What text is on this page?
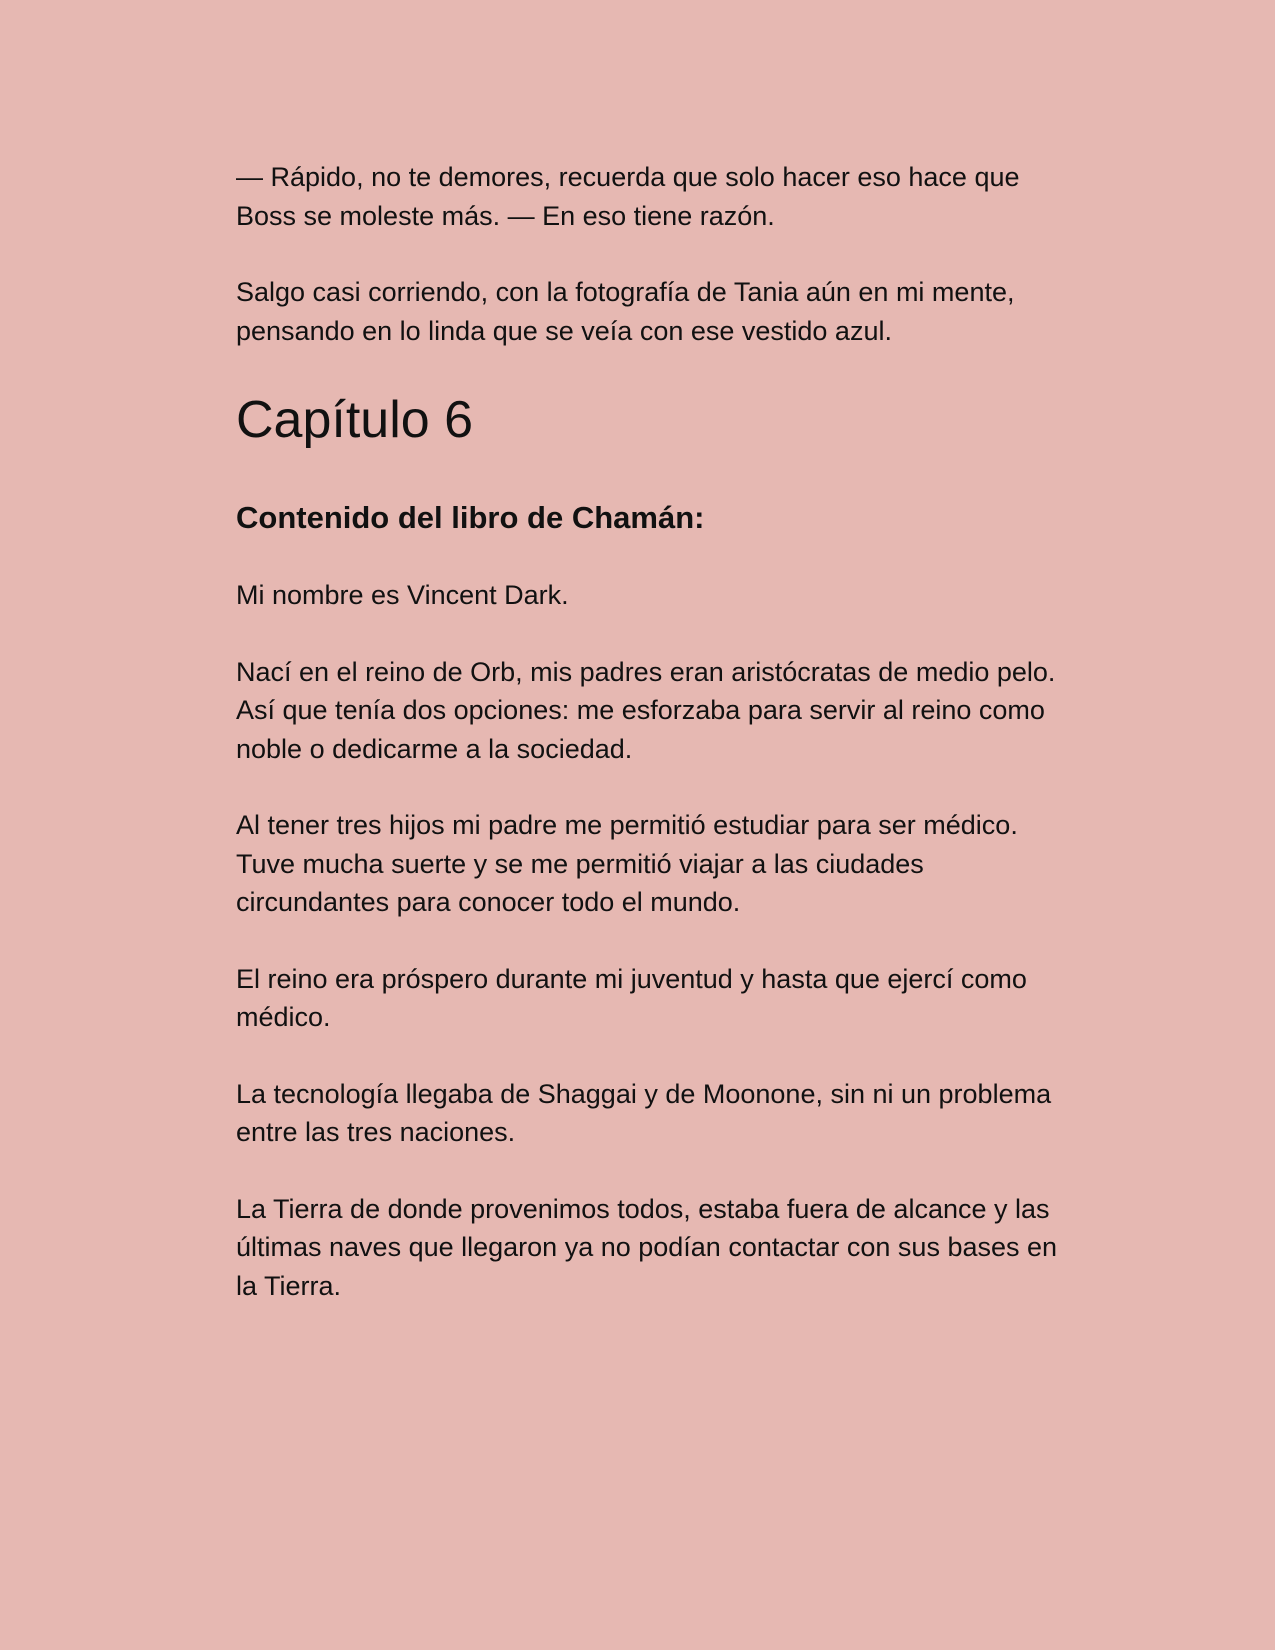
— Rápido, no te demores, recuerda que solo hacer eso hace que
Boss se moleste más. — En eso tiene razón.

Salgo casi corriendo, con la fotografía de Tania aún en mi mente,
pensando en lo linda que se veía con ese vestido azul.

Capítulo 6
Contenido del libro de Chamán:

Mi nombre es Vincent Dark.

Nací en el reino de Orb, mis padres eran aristócratas de medio pelo.
Así que tenía dos opciones: me esforzaba para servir al reino como
noble o dedicarme a la sociedad.

Al tener tres hijos mi padre me permitió estudiar para ser médico.
Tuve mucha suerte y se me permitió viajar a las ciudades
circundantes para conocer todo el mundo.

El reino era próspero durante mi juventud y hasta que ejercí como
médico.

La tecnología llegaba de Shaggai y de Moonone, sin ni un problema
entre las tres naciones.

La Tierra de donde provenimos todos, estaba fuera de alcance y las
últimas naves que llegaron ya no podían contactar con sus bases en
la Tierra.
